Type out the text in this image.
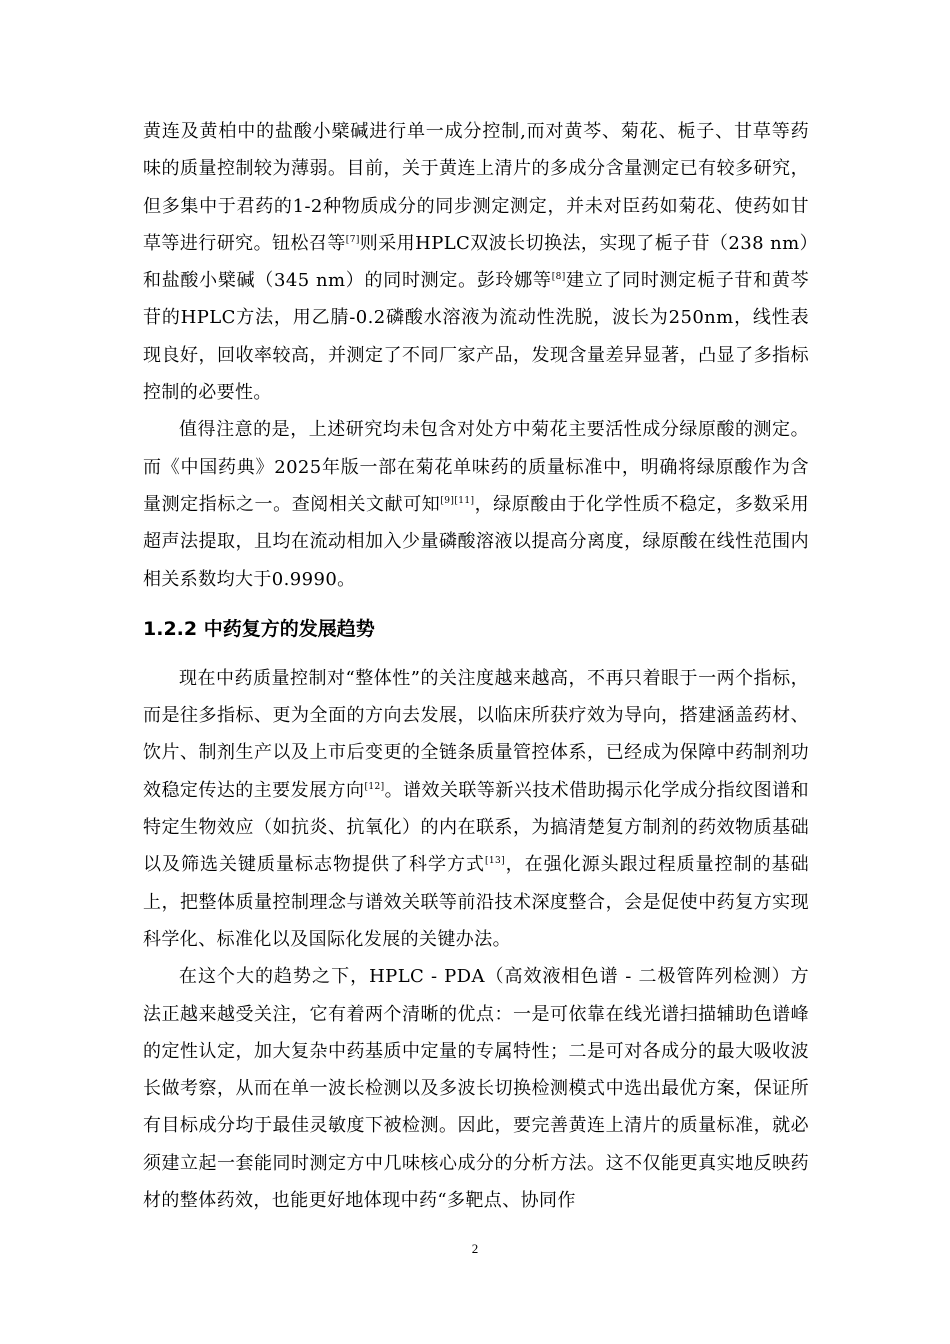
黄连及黄柏中的盐酸小檗碱进行单一成分控制,而对黄芩、菊花、栀子、甘草等药味的质量控制较为薄弱。目前，关于黄连上清片的多成分含量测定已有较多研究，但多集中于君药的1-2种物质成分的同步测定测定，并未对臣药如菊花、使药如甘草等进行研究。钮松召等[7]则采用HPLC双波长切换法，实现了栀子苷（238 nm）和盐酸小檗碱（345 nm）的同时测定。彭玲娜等[8]建立了同时测定栀子苷和黄芩苷的HPLC方法，用乙腈-0.2磷酸水溶液为流动性洗脱，波长为250nm，线性表现良好，回收率较高，并测定了不同厂家产品，发现含量差异显著，凸显了多指标控制的必要性。

值得注意的是，上述研究均未包含对处方中菊花主要活性成分绿原酸的测定。而《中国药典》2025年版一部在菊花单味药的质量标准中，明确将绿原酸作为含量测定指标之一。查阅相关文献可知[9][11]，绿原酸由于化学性质不稳定，多数采用超声法提取，且均在流动相加入少量磷酸溶液以提高分离度，绿原酸在线性范围内相关系数均大于0.9990。

1.2.2 中药复方的发展趋势

现在中药质量控制对“整体性”的关注度越来越高，不再只着眼于一两个指标，而是往多指标、更为全面的方向去发展，以临床所获疗效为导向，搭建涵盖药材、饮片、制剂生产以及上市后变更的全链条质量管控体系，已经成为保障中药制剂功效稳定传达的主要发展方向[12]。谱效关联等新兴技术借助揭示化学成分指纹图谱和特定生物效应（如抗炎、抗氧化）的内在联系，为搞清楚复方制剂的药效物质基础以及筛选关键质量标志物提供了科学方式[13]，在强化源头跟过程质量控制的基础上，把整体质量控制理念与谱效关联等前沿技术深度整合，会是促使中药复方实现科学化、标准化以及国际化发展的关键办法。

在这个大的趋势之下，HPLC - PDA（高效液相色谱 - 二极管阵列检测）方法正越来越受关注，它有着两个清晰的优点：一是可依靠在线光谱扫描辅助色谱峰的定性认定，加大复杂中药基质中定量的专属特性；二是可对各成分的最大吸收波长做考察，从而在单一波长检测以及多波长切换检测模式中选出最优方案，保证所有目标成分均于最佳灵敏度下被检测。因此，要完善黄连上清片的质量标准，就必须建立起一套能同时测定方中几味核心成分的分析方法。这不仅能更真实地反映药材的整体药效，也能更好地体现中药“多靶点、协同作

2
